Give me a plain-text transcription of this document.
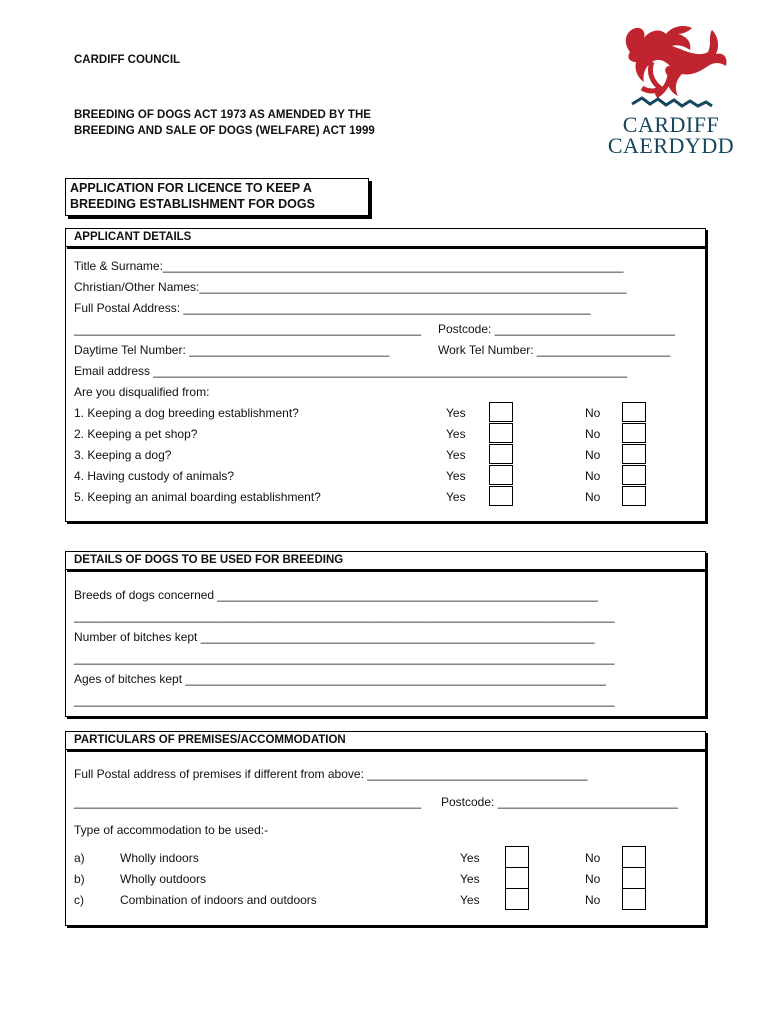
CARDIFF COUNCIL
BREEDING OF DOGS ACT 1973 AS AMENDED BY THE
BREEDING AND SALE OF DOGS (WELFARE) ACT 1999
APPLICATION FOR LICENCE TO KEEP A
BREEDING ESTABLISHMENT FOR DOGS
CARDIFF
CAERDYDD
APPLICANT DETAILS
Title & Surname:_____________________________________________________________________
Christian/Other Names:________________________________________________________________
Full Postal Address: _____________________________________________________________
____________________________________________________ Postcode: ___________________________
Daytime Tel Number: ______________________________	Work Tel Number: ____________________
Email address _______________________________________________________________________
Are you disqualified from:
1. Keeping a dog breeding establishment?	Yes	No
2. Keeping a pet shop?	Yes	No
3. Keeping a dog?	Yes	No
4. Having custody of animals?	Yes	No
5. Keeping an animal boarding establishment?	Yes	No
DETAILS OF DOGS TO BE USED FOR BREEDING
Breeds of dogs concerned _________________________________________________________
_________________________________________________________________________________
Number of bitches kept ___________________________________________________________
_________________________________________________________________________________
Ages of bitches kept _______________________________________________________________
_________________________________________________________________________________
PARTICULARS OF PREMISES/ACCOMMODATION
Full Postal address of premises if different from above: _________________________________
____________________________________________________ Postcode: ___________________________
Type of accommodation to be used:-
a)	Wholly indoors	Yes	No
b)	Wholly outdoors	Yes	No
c)	Combination of indoors and outdoors	Yes	No
